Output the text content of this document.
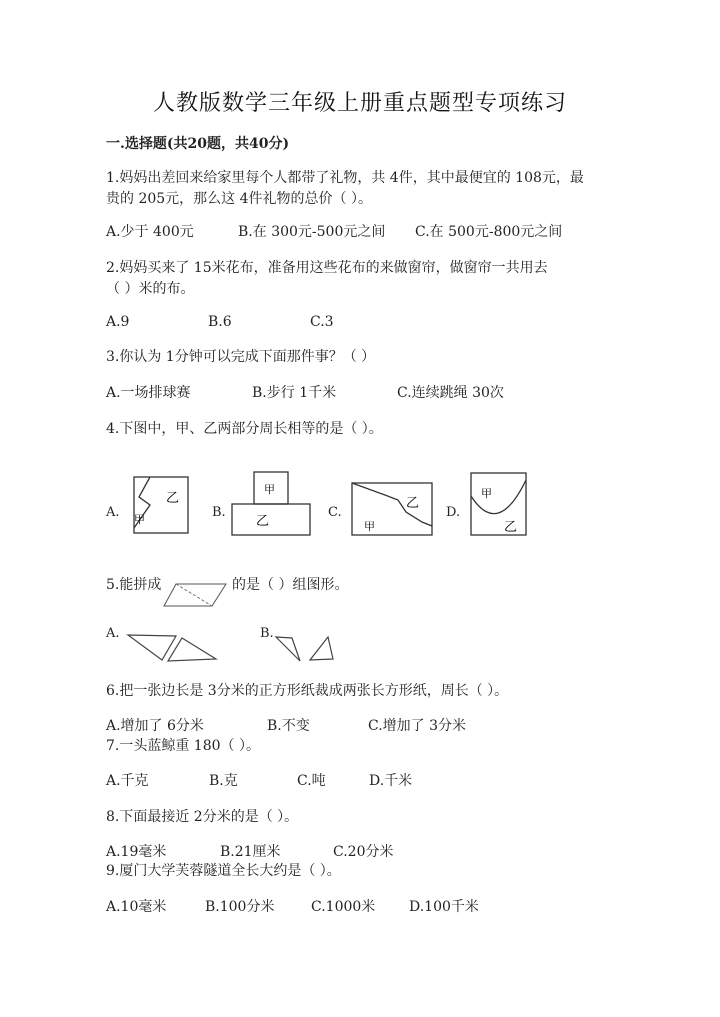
人教版数学三年级上册重点题型专项练习
一.选择题(共20题，共40分)
1.妈妈出差回来给家里每个人都带了礼物，共 4件，其中最便宜的 108元，最
贵的 205元，那么这 4件礼物的总价（ ）。
A.少于 400元	B.在 300元-500元之间 C.在 500元-800元之间
2.妈妈买来了 15米花布，准备用这些花布的来做窗帘，做窗帘一共用去
（ ）米的布。
A.9	B.6	C.3
3.你认为 1分钟可以完成下面那件事？（ ）
A.一场排球赛	B.步行 1千米	C.连续跳绳 30次
4.下图中，甲、乙两部分周长相等的是（ ）。
A.	B.	C.	D.
甲
乙
甲
乙	甲
乙
甲
乙
5.能拼成	的是（ ）组图形。
A.	B.
6.把一张边长是 3分米的正方形纸裁成两张长方形纸，周长（ ）。
A.增加了 6分米	B.不变	C.增加了 3分米
7.一头蓝鲸重 180（ ）。
A.千克	B.克	C.吨	D.千米
8.下面最接近 2分米的是（ ）。
A.19毫米	B.21厘米	C.20分米
9.厦门大学芙蓉隧道全长大约是（ ）。
A.10毫米	B.100分米	C.1000米 D.100千米
